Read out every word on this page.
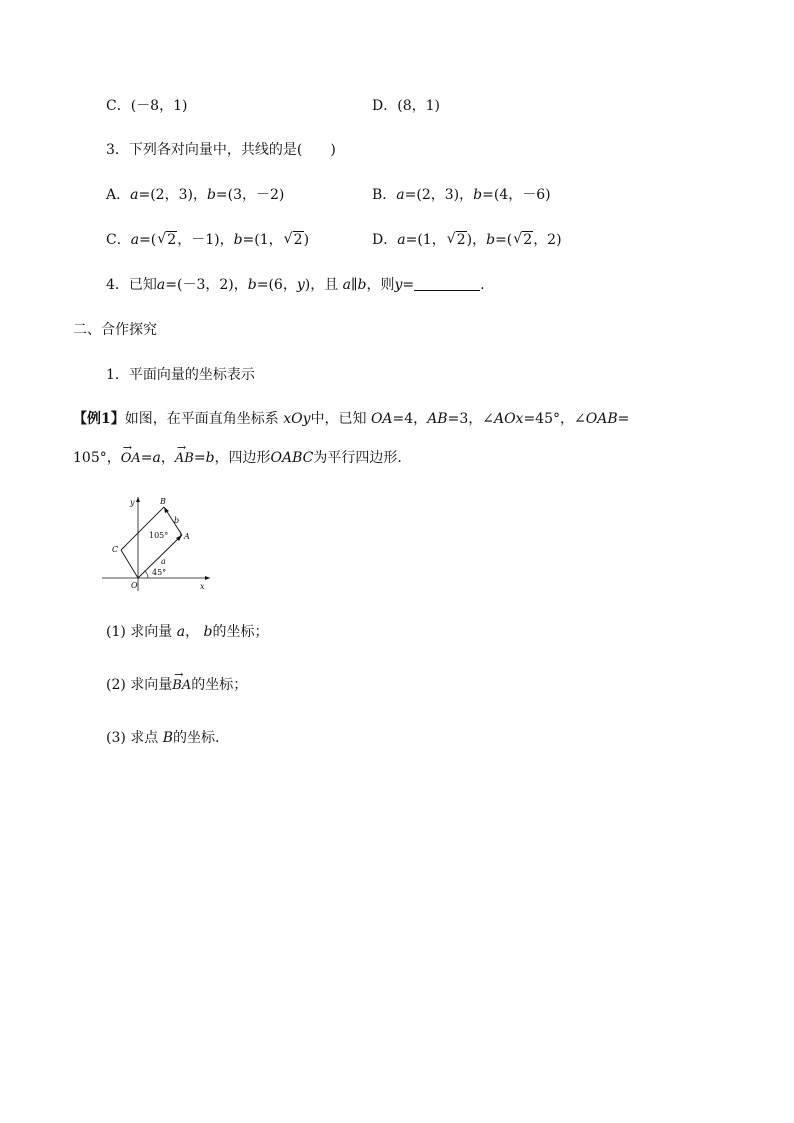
C．(－8，1)	D．(8，1)
3．下列各对向量中，共线的是(　　)
A．a=(2，3)，b=(3，－2)	B．a=(2，3)，b=(4，－6)
C．a=( √ 2，－1)，b=(1， √ 2)	D．a=(1， √ 2)，b=( √ 2，2)
4．已知a=(－3，2)，b=(6，y)，且 a∥b，则y=	.
二、合作探究
1．平面向量的坐标表示
【例1】如图，在平面直角坐标系 xOy中，已知 OA=4，AB=3，∠AOx=45°，∠OAB=
105°，→ OA=a，→ AB=b，四边形OABC为平行四边形.
y
x
O
A
B
C
a
b
105°
45°
(1) 求向量 a， b的坐标；
(2) 求向量→ BA的坐标；
(3) 求点 B的坐标.
